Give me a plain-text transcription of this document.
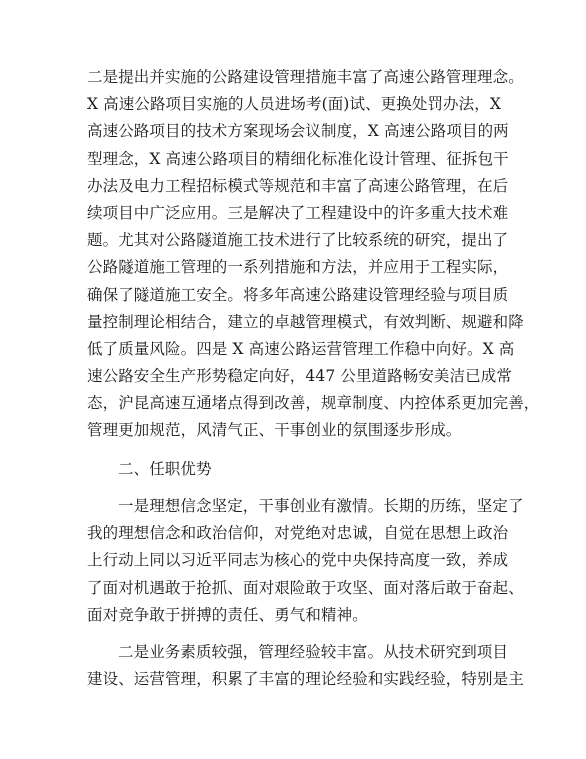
二是提出并实施的公路建设管理措施丰富了高速公路管理理念。
X 高速公路项目实施的人员进场考(面)试、更换处罚办法，X
高速公路项目的技术方案现场会议制度，X 高速公路项目的两
型理念，X 高速公路项目的精细化标准化设计管理、征拆包干
办法及电力工程招标模式等规范和丰富了高速公路管理，在后
续项目中广泛应用。三是解决了工程建设中的许多重大技术难
题。尤其对公路隧道施工技术进行了比较系统的研究，提出了
公路隧道施工管理的一系列措施和方法，并应用于工程实际，
确保了隧道施工安全。将多年高速公路建设管理经验与项目质
量控制理论相结合，建立的卓越管理模式，有效判断、规避和降
低了质量风险。四是 X 高速公路运营管理工作稳中向好。X 高
速公路安全生产形势稳定向好，447 公里道路畅安美洁已成常
态，沪昆高速互通堵点得到改善，规章制度、内控体系更加完善，
管理更加规范，风清气正、干事创业的氛围逐步形成。
二、任职优势
一是理想信念坚定，干事创业有激情。长期的历练，坚定了
我的理想信念和政治信仰，对党绝对忠诚，自觉在思想上政治
上行动上同以习近平同志为核心的党中央保持高度一致，养成
了面对机遇敢于抢抓、面对艰险敢于攻坚、面对落后敢于奋起、
面对竞争敢于拼搏的责任、勇气和精神。
二是业务素质较强，管理经验较丰富。从技术研究到项目
建设、运营管理，积累了丰富的理论经验和实践经验，特别是主
